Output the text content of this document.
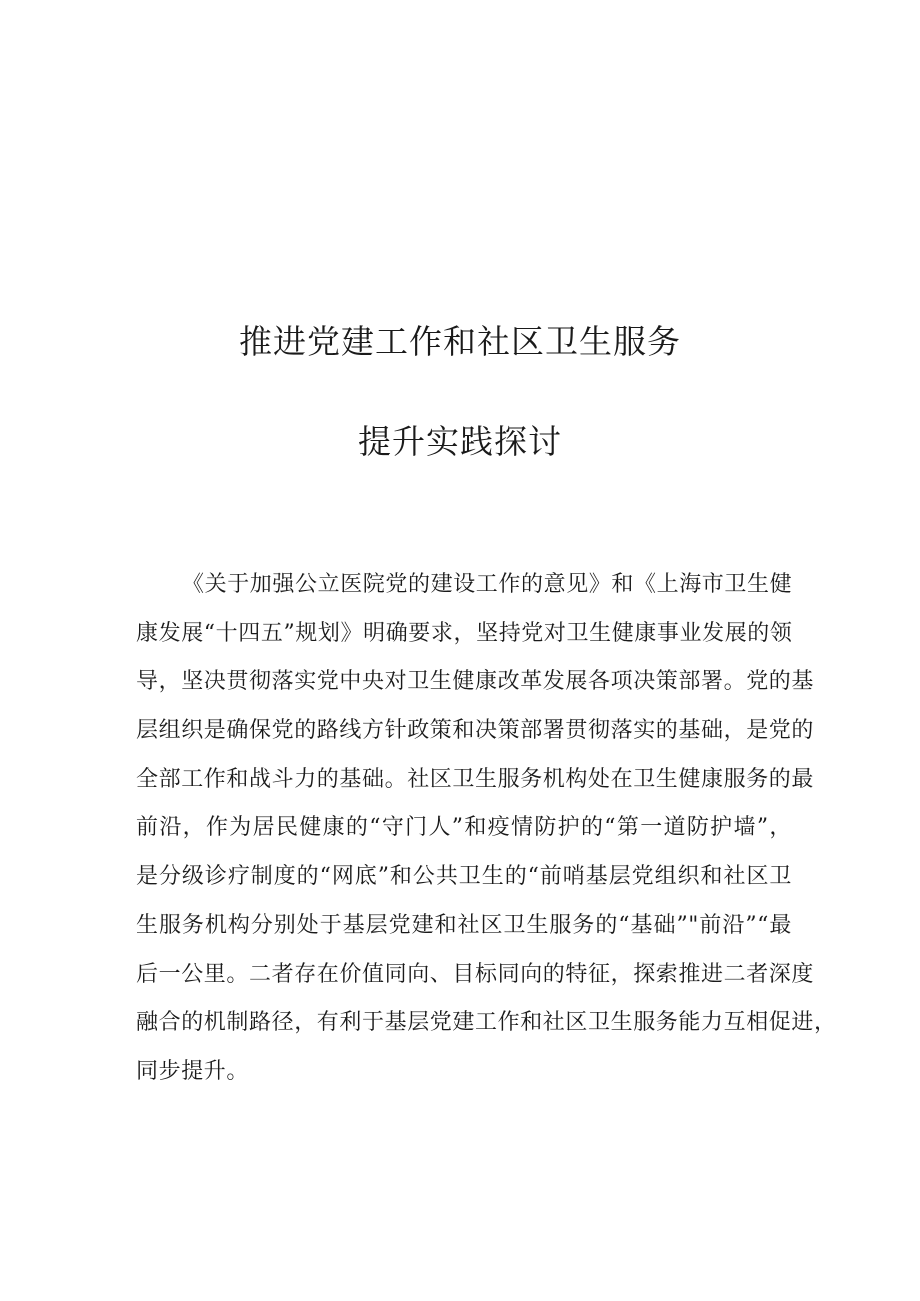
推进党建工作和社区卫生服务
提升实践探讨
《关于加强公立医院党的建设工作的意见》和《上海市卫生健
康发展“十四五”规划》明确要求，坚持党对卫生健康事业发展的领
导，坚决贯彻落实党中央对卫生健康改革发展各项决策部署。党的基
层组织是确保党的路线方针政策和决策部署贯彻落实的基础，是党的
全部工作和战斗力的基础。社区卫生服务机构处在卫生健康服务的最
前沿，作为居民健康的“守门人”和疫情防护的“第一道防护墙”，
是分级诊疗制度的“网底”和公共卫生的“前哨基层党组织和社区卫
生服务机构分别处于基层党建和社区卫生服务的“基础”"前沿”“最
后一公里。二者存在价值同向、目标同向的特征，探索推进二者深度
融合的机制路径，有利于基层党建工作和社区卫生服务能力互相促进，
同步提升。
